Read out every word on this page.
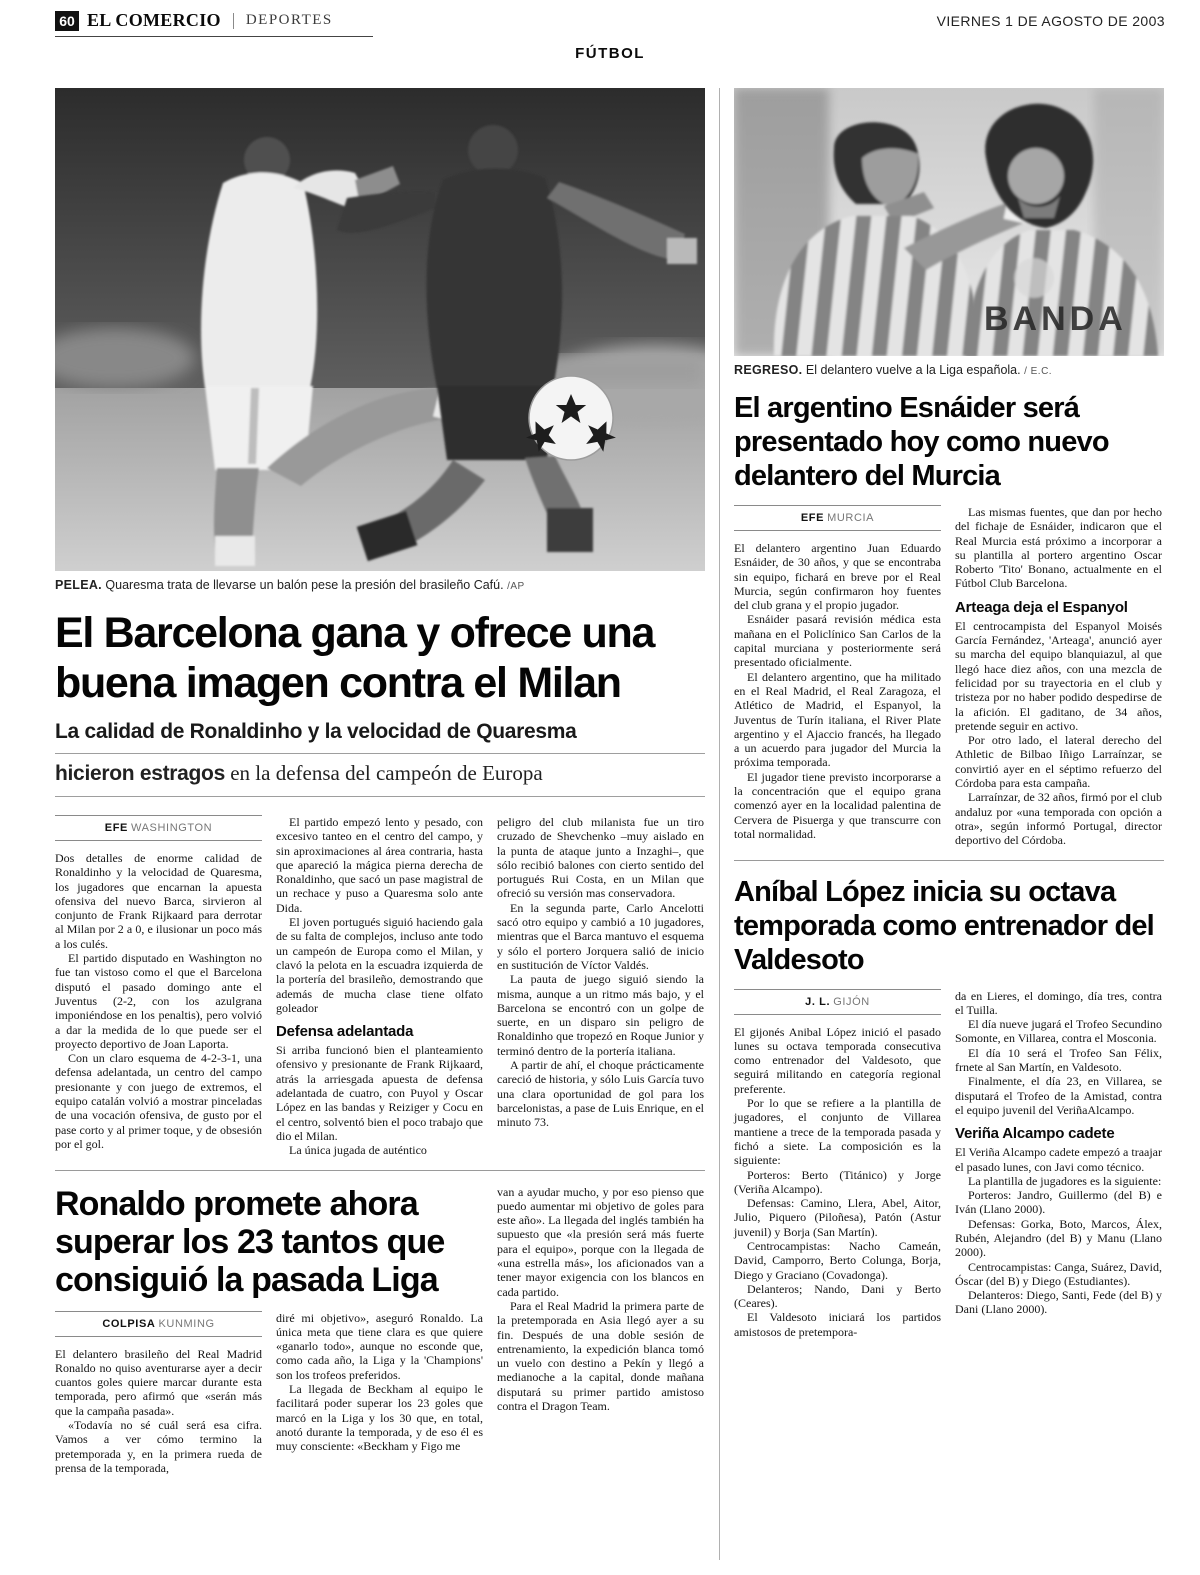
60 EL COMERCIO DEPORTES	VIERNES 1 DE AGOSTO DE 2003
FÚTBOL
PELEA. Quaresma trata de llevarse un balón pese la presión del brasileño Cafú. /AP
El Barcelona gana y ofrece una buena imagen contra el Milan
La calidad de Ronaldinho y la velocidad de Quaresma
hicieron estragos en la defensa del campeón de Europa
EFE WASHINGTON

Dos detalles de enorme calidad de Ronaldinho y la velocidad de Quaresma, los jugadores que encarnan la apuesta ofensiva del nuevo Barca, sirvieron al conjunto de Frank Rijkaard para derrotar al Milan por 2 a 0, e ilusionar un poco más a los culés.

El partido disputado en Washington no fue tan vistoso como el que el Barcelona disputó el pasado domingo ante el Juventus (2-2, con los azulgrana imponiéndose en los penaltis), pero volvió a dar la medida de lo que puede ser el proyecto deportivo de Joan Laporta.

Con un claro esquema de 4-2-3-1, una defensa adelantada, un centro del campo presionante y con juego de extremos, el equipo catalán volvió a mostrar pinceladas de una vocación ofensiva, de gusto por el pase corto y al primer toque, y de obsesión por el gol.

El partido empezó lento y pesado, con excesivo tanteo en el centro del campo, y sin aproximaciones al área contraria, hasta que apareció la mágica pierna derecha de Ronaldinho, que sacó un pase magistral de un rechace y puso a Quaresma solo ante Dida.

El joven portugués siguió haciendo gala de su falta de complejos, incluso ante todo un campeón de Europa como el Milan, y clavó la pelota en la escuadra izquierda de la portería del brasileño, demostrando que además de mucha clase tiene olfato goleador

Defensa adelantada

Si arriba funcionó bien el planteamiento ofensivo y presionante de Frank Rijkaard, atrás la arriesgada apuesta de defensa adelantada de cuatro, con Puyol y Oscar López en las bandas y Reiziger y Cocu en el centro, solventó bien el poco trabajo que dio el Milan.

La única jugada de auténtico

peligro del club milanista fue un tiro cruzado de Shevchenko –muy aislado en la punta de ataque junto a Inzaghi–, que sólo recibió balones con cierto sentido del portugués Rui Costa, en un Milan que ofreció su versión mas conservadora.

En la segunda parte, Carlo Ancelotti sacó otro equipo y cambió a 10 jugadores, mientras que el Barca mantuvo el esquema y sólo el portero Jorquera salió de inicio en sustitución de Víctor Valdés.

La pauta de juego siguió siendo la misma, aunque a un ritmo más bajo, y el Barcelona se encontró con un golpe de suerte, en un disparo sin peligro de Ronaldinho que tropezó en Roque Junior y terminó dentro de la portería italiana.

A partir de ahí, el choque prácticamente careció de historia, y sólo Luis García tuvo una clara oportunidad de gol para los barcelonistas, a pase de Luis Enrique, en el minuto 73.

Ronaldo promete ahora superar los 23 tantos que consiguió la pasada Liga
COLPISA KUNMING

El delantero brasileño del Real Madrid Ronaldo no quiso aventurarse ayer a decir cuantos goles quiere marcar durante esta temporada, pero afirmó que «serán más que la campaña pasada».

«Todavía no sé cuál será esa cifra. Vamos a ver cómo termino la pretemporada y, en la primera rueda de prensa de la temporada,

diré mi objetivo», aseguró Ronaldo. La única meta que tiene clara es que quiere «ganarlo todo», aunque no esconde que, como cada año, la Liga y la 'Champions' son los trofeos preferidos.

La llegada de Beckham al equipo le facilitará poder superar los 23 goles que marcó en la Liga y los 30 que, en total, anotó durante la temporada, y de eso él es muy consciente: «Beckham y Figo me

van a ayudar mucho, y por eso pienso que puedo aumentar mi objetivo de goles para este año». La llegada del inglés también ha supuesto que «la presión será más fuerte para el equipo», porque con la llegada de «una estrella más», los aficionados van a tener mayor exigencia con los blancos en cada partido.

Para el Real Madrid la primera parte de la pretemporada en Asia llegó ayer a su fin. Después de una doble sesión de entrenamiento, la expedición blanca tomó un vuelo con destino a Pekín y llegó a medianoche a la capital, donde mañana disputará su primer partido amistoso contra el Dragon Team.

BANDA
REGRESO. El delantero vuelve a la Liga española. / E.C.
El argentino Esnáider será presentado hoy como nuevo delantero del Murcia
EFE MURCIA

El delantero argentino Juan Eduardo Esnáider, de 30 años, y que se encontraba sin equipo, fichará en breve por el Real Murcia, según confirmaron hoy fuentes del club grana y el propio jugador.

Esnáider pasará revisión médica esta mañana en el Policlínico San Carlos de la capital murciana y posteriormente será presentado oficialmente.

El delantero argentino, que ha militado en el Real Madrid, el Real Zaragoza, el Atlético de Madrid, el Espanyol, la Juventus de Turín italiana, el River Plate argentino y el Ajaccio francés, ha llegado a un acuerdo para jugador del Murcia la próxima temporada.

El jugador tiene previsto incorporarse a la concentración que el equipo grana comenzó ayer en la localidad palentina de Cervera de Pisuerga y que transcurre con total normalidad.

Las mismas fuentes, que dan por hecho del fichaje de Esnáider, indicaron que el Real Murcia está próximo a incorporar a su plantilla al portero argentino Oscar Roberto 'Tito' Bonano, actualmente en el Fútbol Club Barcelona.

Arteaga deja el Espanyol

El centrocampista del Espanyol Moisés García Fernández, 'Arteaga', anunció ayer su marcha del equipo blanquiazul, al que llegó hace diez años, con una mezcla de felicidad por su trayectoria en el club y tristeza por no haber podido despedirse de la afición. El gaditano, de 34 años, pretende seguir en activo.

Por otro lado, el lateral derecho del Athletic de Bilbao Iñigo Larraínzar, se convirtió ayer en el séptimo refuerzo del Córdoba para esta campaña.

Larraínzar, de 32 años, firmó por el club andaluz por «una temporada con opción a otra», según informó Portugal, director deportivo del Córdoba.

Aníbal López inicia su octava temporada como entrenador del Valdesoto
J. L. GIJÓN

El gijonés Anibal López inició el pasado lunes su octava temporada consecutiva como entrenador del Valdesoto, que seguirá militando en categoría regional preferente.

Por lo que se refiere a la plantilla de jugadores, el conjunto de Villarea mantiene a trece de la temporada pasada y fichó a siete. La composición es la siguiente:

Porteros: Berto (Titánico) y Jorge (Veriña Alcampo).

Defensas: Camino, Llera, Abel, Aitor, Julio, Piquero (Piloñesa), Patón (Astur juvenil) y Borja (San Martín).

Centrocampistas: Nacho Cameán, David, Camporro, Berto Colunga, Borja, Diego y Graciano (Covadonga).

Delanteros; Nando, Dani y Berto (Ceares).

El Valdesoto iniciará los partidos amistosos de pretempora-

da en Lieres, el domingo, día tres, contra el Tuilla.

El día nueve jugará el Trofeo Secundino Somonte, en Villarea, contra el Mosconia.

El día 10 será el Trofeo San Félix, frnete al San Martín, en Valdesoto.

Finalmente, el día 23, en Villarea, se disputará el Trofeo de la Amistad, contra el equipo juvenil del VeriñaAlcampo.

Veriña Alcampo cadete

El Veriña Alcampo cadete empezó a traajar el pasado lunes, con Javi como técnico.

La plantilla de jugadores es la siguiente:

Porteros: Jandro, Guillermo (del B) e Iván (Llano 2000).

Defensas: Gorka, Boto, Marcos, Álex, Rubén, Alejandro (del B) y Manu (Llano 2000).

Centrocampistas: Canga, Suárez, David, Óscar (del B) y Diego (Estudiantes).

Delanteros: Diego, Santi, Fede (del B) y Dani (Llano 2000).
